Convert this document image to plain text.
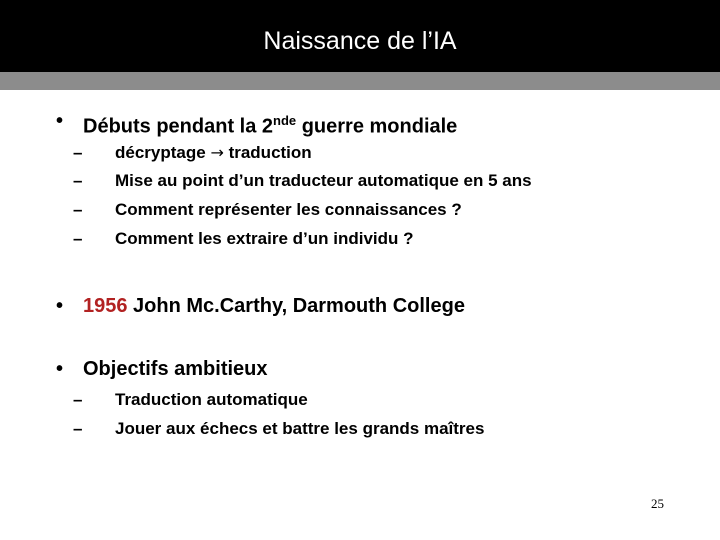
Naissance de l’IA
• Débuts pendant la 2nde guerre mondiale
– décryptage → traduction
– Mise au point d’un traducteur automatique en 5 ans
– Comment représenter les connaissances ?
– Comment les extraire d’un individu ?
• 1956 John Mc.Carthy, Darmouth College
• Objectifs ambitieux
– Traduction automatique
– Jouer aux échecs et battre les grands maîtres
25
